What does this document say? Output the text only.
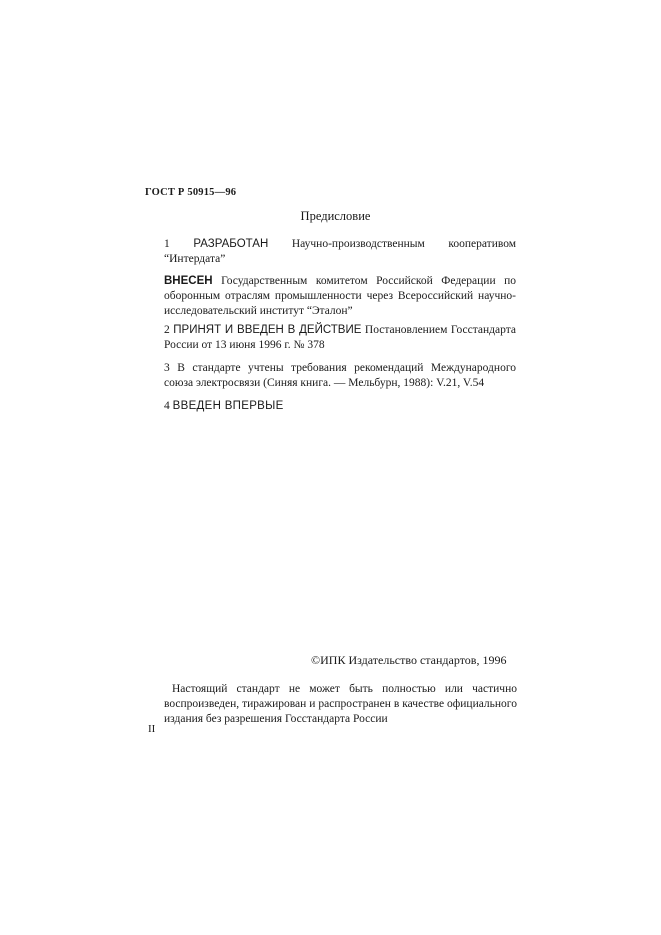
ГОСТ Р 50915—96
Предисловие
1 РАЗРАБОТАН Научно-производственным кооперативом “Интердата”
ВНЕСЕН Государственным комитетом Российской Федерации по оборонным отраслям промышленности через Всероссийский научно-исследовательский институт “Эталон”
2 ПРИНЯТ И ВВЕДЕН В ДЕЙСТВИЕ Постановлением Госстандарта России от 13 июня 1996 г. № 378
3 В стандарте учтены требования рекомендаций Международного союза электросвязи (Синяя книга. — Мельбурн, 1988): V.21, V.54
4 ВВЕДЕН ВПЕРВЫЕ
©ИПК Издательство стандартов, 1996
Настоящий стандарт не может быть полностью или частично воспроизведен, тиражирован и распространен в качестве официального издания без разрешения Госстандарта России
II
